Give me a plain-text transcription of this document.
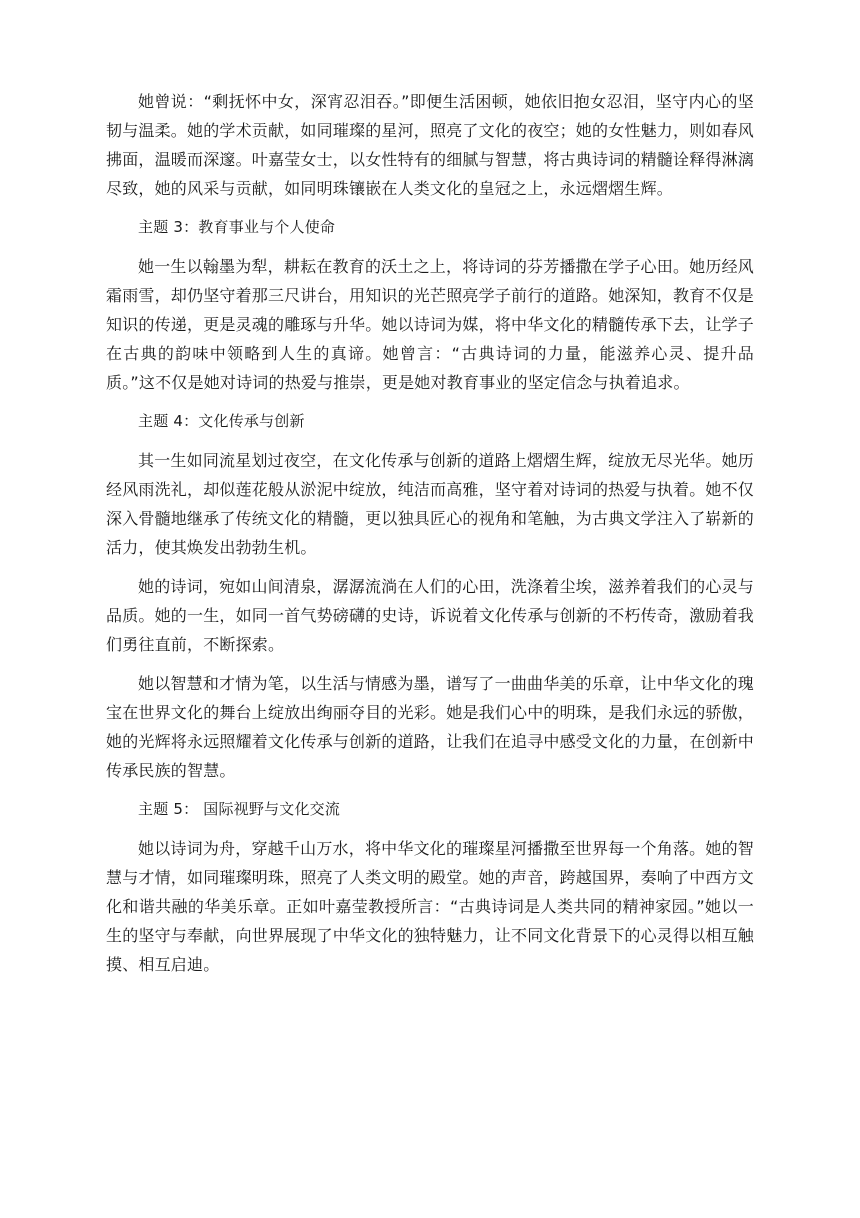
她曾说：“剩抚怀中女，深宵忍泪吞。”即便生活困顿，她依旧抱女忍泪，坚守内心的坚韧与温柔。她的学术贡献，如同璀璨的星河，照亮了文化的夜空；她的女性魅力，则如春风拂面，温暖而深邃。叶嘉莹女士，以女性特有的细腻与智慧，将古典诗词的精髓诠释得淋漓尽致，她的风采与贡献，如同明珠镶嵌在人类文化的皇冠之上，永远熠熠生辉。

主题 3：教育事业与个人使命

她一生以翰墨为犁，耕耘在教育的沃土之上，将诗词的芬芳播撒在学子心田。她历经风霜雨雪，却仍坚守着那三尺讲台，用知识的光芒照亮学子前行的道路。她深知，教育不仅是知识的传递，更是灵魂的雕琢与升华。她以诗词为媒，将中华文化的精髓传承下去，让学子在古典的韵味中领略到人生的真谛。她曾言：“古典诗词的力量，能滋养心灵、提升品质。”这不仅是她对诗词的热爱与推崇，更是她对教育事业的坚定信念与执着追求。

主题 4：文化传承与创新

其一生如同流星划过夜空，在文化传承与创新的道路上熠熠生辉，绽放无尽光华。她历经风雨洗礼，却似莲花般从淤泥中绽放，纯洁而高雅，坚守着对诗词的热爱与执着。她不仅深入骨髓地继承了传统文化的精髓，更以独具匠心的视角和笔触，为古典文学注入了崭新的活力，使其焕发出勃勃生机。

她的诗词，宛如山间清泉，潺潺流淌在人们的心田，洗涤着尘埃，滋养着我们的心灵与品质。她的一生，如同一首气势磅礴的史诗，诉说着文化传承与创新的不朽传奇，激励着我们勇往直前，不断探索。

她以智慧和才情为笔，以生活与情感为墨，谱写了一曲曲华美的乐章，让中华文化的瑰宝在世界文化的舞台上绽放出绚丽夺目的光彩。她是我们心中的明珠，是我们永远的骄傲，她的光辉将永远照耀着文化传承与创新的道路，让我们在追寻中感受文化的力量，在创新中传承民族的智慧。

主题 5： 国际视野与文化交流

她以诗词为舟，穿越千山万水，将中华文化的璀璨星河播撒至世界每一个角落。她的智慧与才情，如同璀璨明珠，照亮了人类文明的殿堂。她的声音，跨越国界，奏响了中西方文化和谐共融的华美乐章。正如叶嘉莹教授所言：“古典诗词是人类共同的精神家园。”她以一生的坚守与奉献，向世界展现了中华文化的独特魅力，让不同文化背景下的心灵得以相互触摸、相互启迪。
